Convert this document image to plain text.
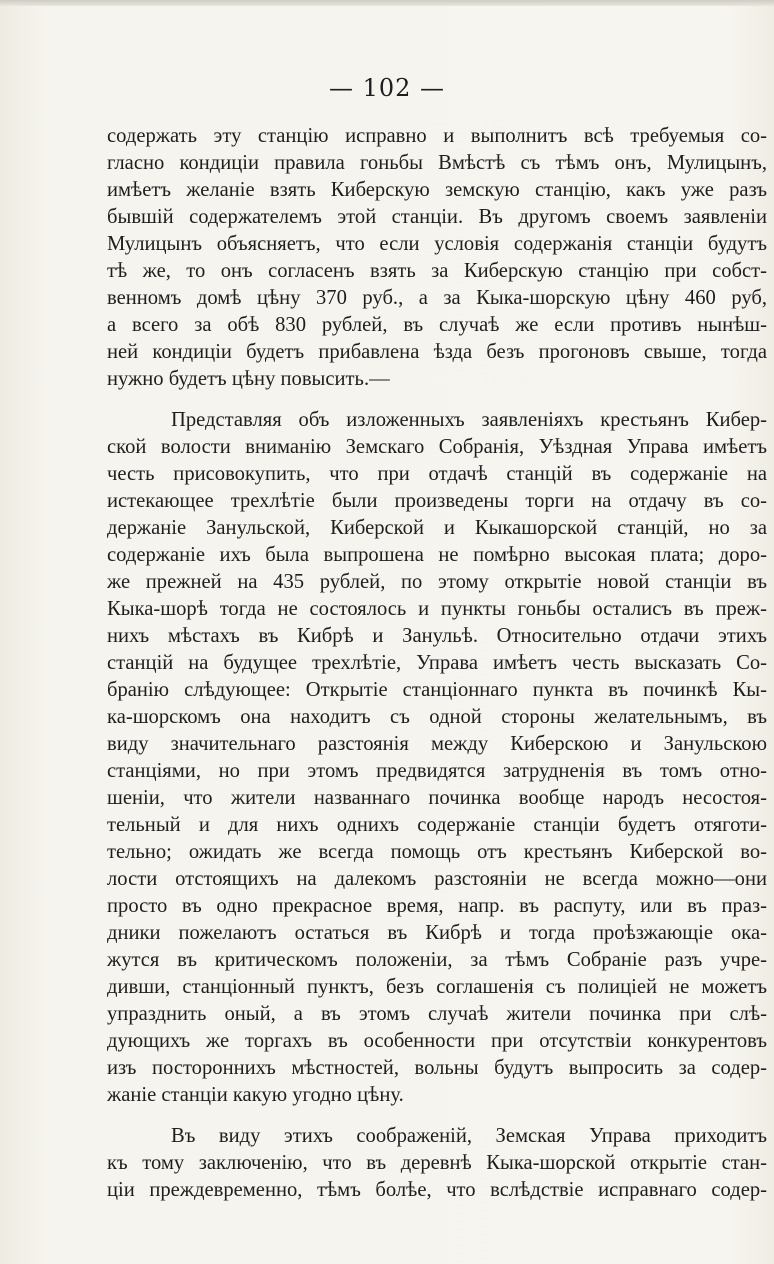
— 102 —
содержать эту станцію исправно и выполнитъ всѣ требуемыя со-
гласно кондиціи правила гоньбы Вмѣстѣ съ тѣмъ онъ, Мулицынъ,
имѣетъ желаніе взять Киберскую земскую станцію, какъ уже разъ
бывшій содержателемъ этой станціи. Въ другомъ своемъ заявленіи
Мулицынъ объясняетъ, что если условія содержанія станціи будутъ
тѣ же, то онъ согласенъ взять за Киберскую станцію при собст-
венномъ домѣ цѣну 370 руб., а за Кыка-шорскую цѣну 460 руб,
а всего за обѣ 830 рублей, въ случаѣ же если противъ нынѣш-
ней кондиціи будетъ прибавлена ѣзда безъ прогоновъ свыше, тогда
нужно будетъ цѣну повысить.—
Представляя объ изложенныхъ заявленіяхъ крестьянъ Кибер-
ской волости вниманію Земскаго Собранія, Уѣздная Управа имѣетъ
честь присовокупить, что при отдачѣ станцій въ содержаніе на
истекающее трехлѣтіе были произведены торги на отдачу въ со-
держаніе Занульской, Киберской и Кыкашорской станцій, но за
содержаніе ихъ была выпрошена не помѣрно высокая плата; доро-
же прежней на 435 рублей, по этому открытіе новой станціи въ
Кыка-шорѣ тогда не состоялось и пункты гоньбы осталисъ въ преж-
нихъ мѣстахъ въ Кибрѣ и Занульѣ. Относительно отдачи этихъ
станцій на будущее трехлѣтіе, Управа имѣетъ честь высказать Со-
бранію слѣдующее: Открытіе станціоннаго пункта въ починкѣ Кы-
ка-шорскомъ она находитъ съ одной стороны желательнымъ, въ
виду значительнаго разстоянія между Киберскою и Занульскою
станціями, но при этомъ предвидятся затрудненія въ томъ отно-
шеніи, что жители названнаго починка вообще народъ несостоя-
тельный и для нихъ однихъ содержаніе станціи будетъ отяготи-
тельно; ожидать же всегда помощь отъ крестьянъ Киберской во-
лости отстоящихъ на далекомъ разстояніи не всегда можно—они
просто въ одно прекрасное время, напр. въ распуту, или въ праз-
дники пожелаютъ остаться въ Кибрѣ и тогда проѣзжающіе ока-
жутся въ критическомъ положеніи, за тѣмъ Собраніе разъ учре-
дивши, станціонный пунктъ, безъ соглашенія съ полиціей не можетъ
упразднить оный, а въ этомъ случаѣ жители починка при слѣ-
дующихъ же торгахъ въ особенности при отсутствіи конкурентовъ
изъ постороннихъ мѣстностей, вольны будутъ выпросить за содер-
жаніе станціи какую угодно цѣну.
Въ виду этихъ соображеній, Земская Управа приходитъ
къ тому заключенію, что въ деревнѣ Кыка-шорской открытіе стан-
ціи преждевременно, тѣмъ болѣе, что вслѣдствіе исправнаго содер-
